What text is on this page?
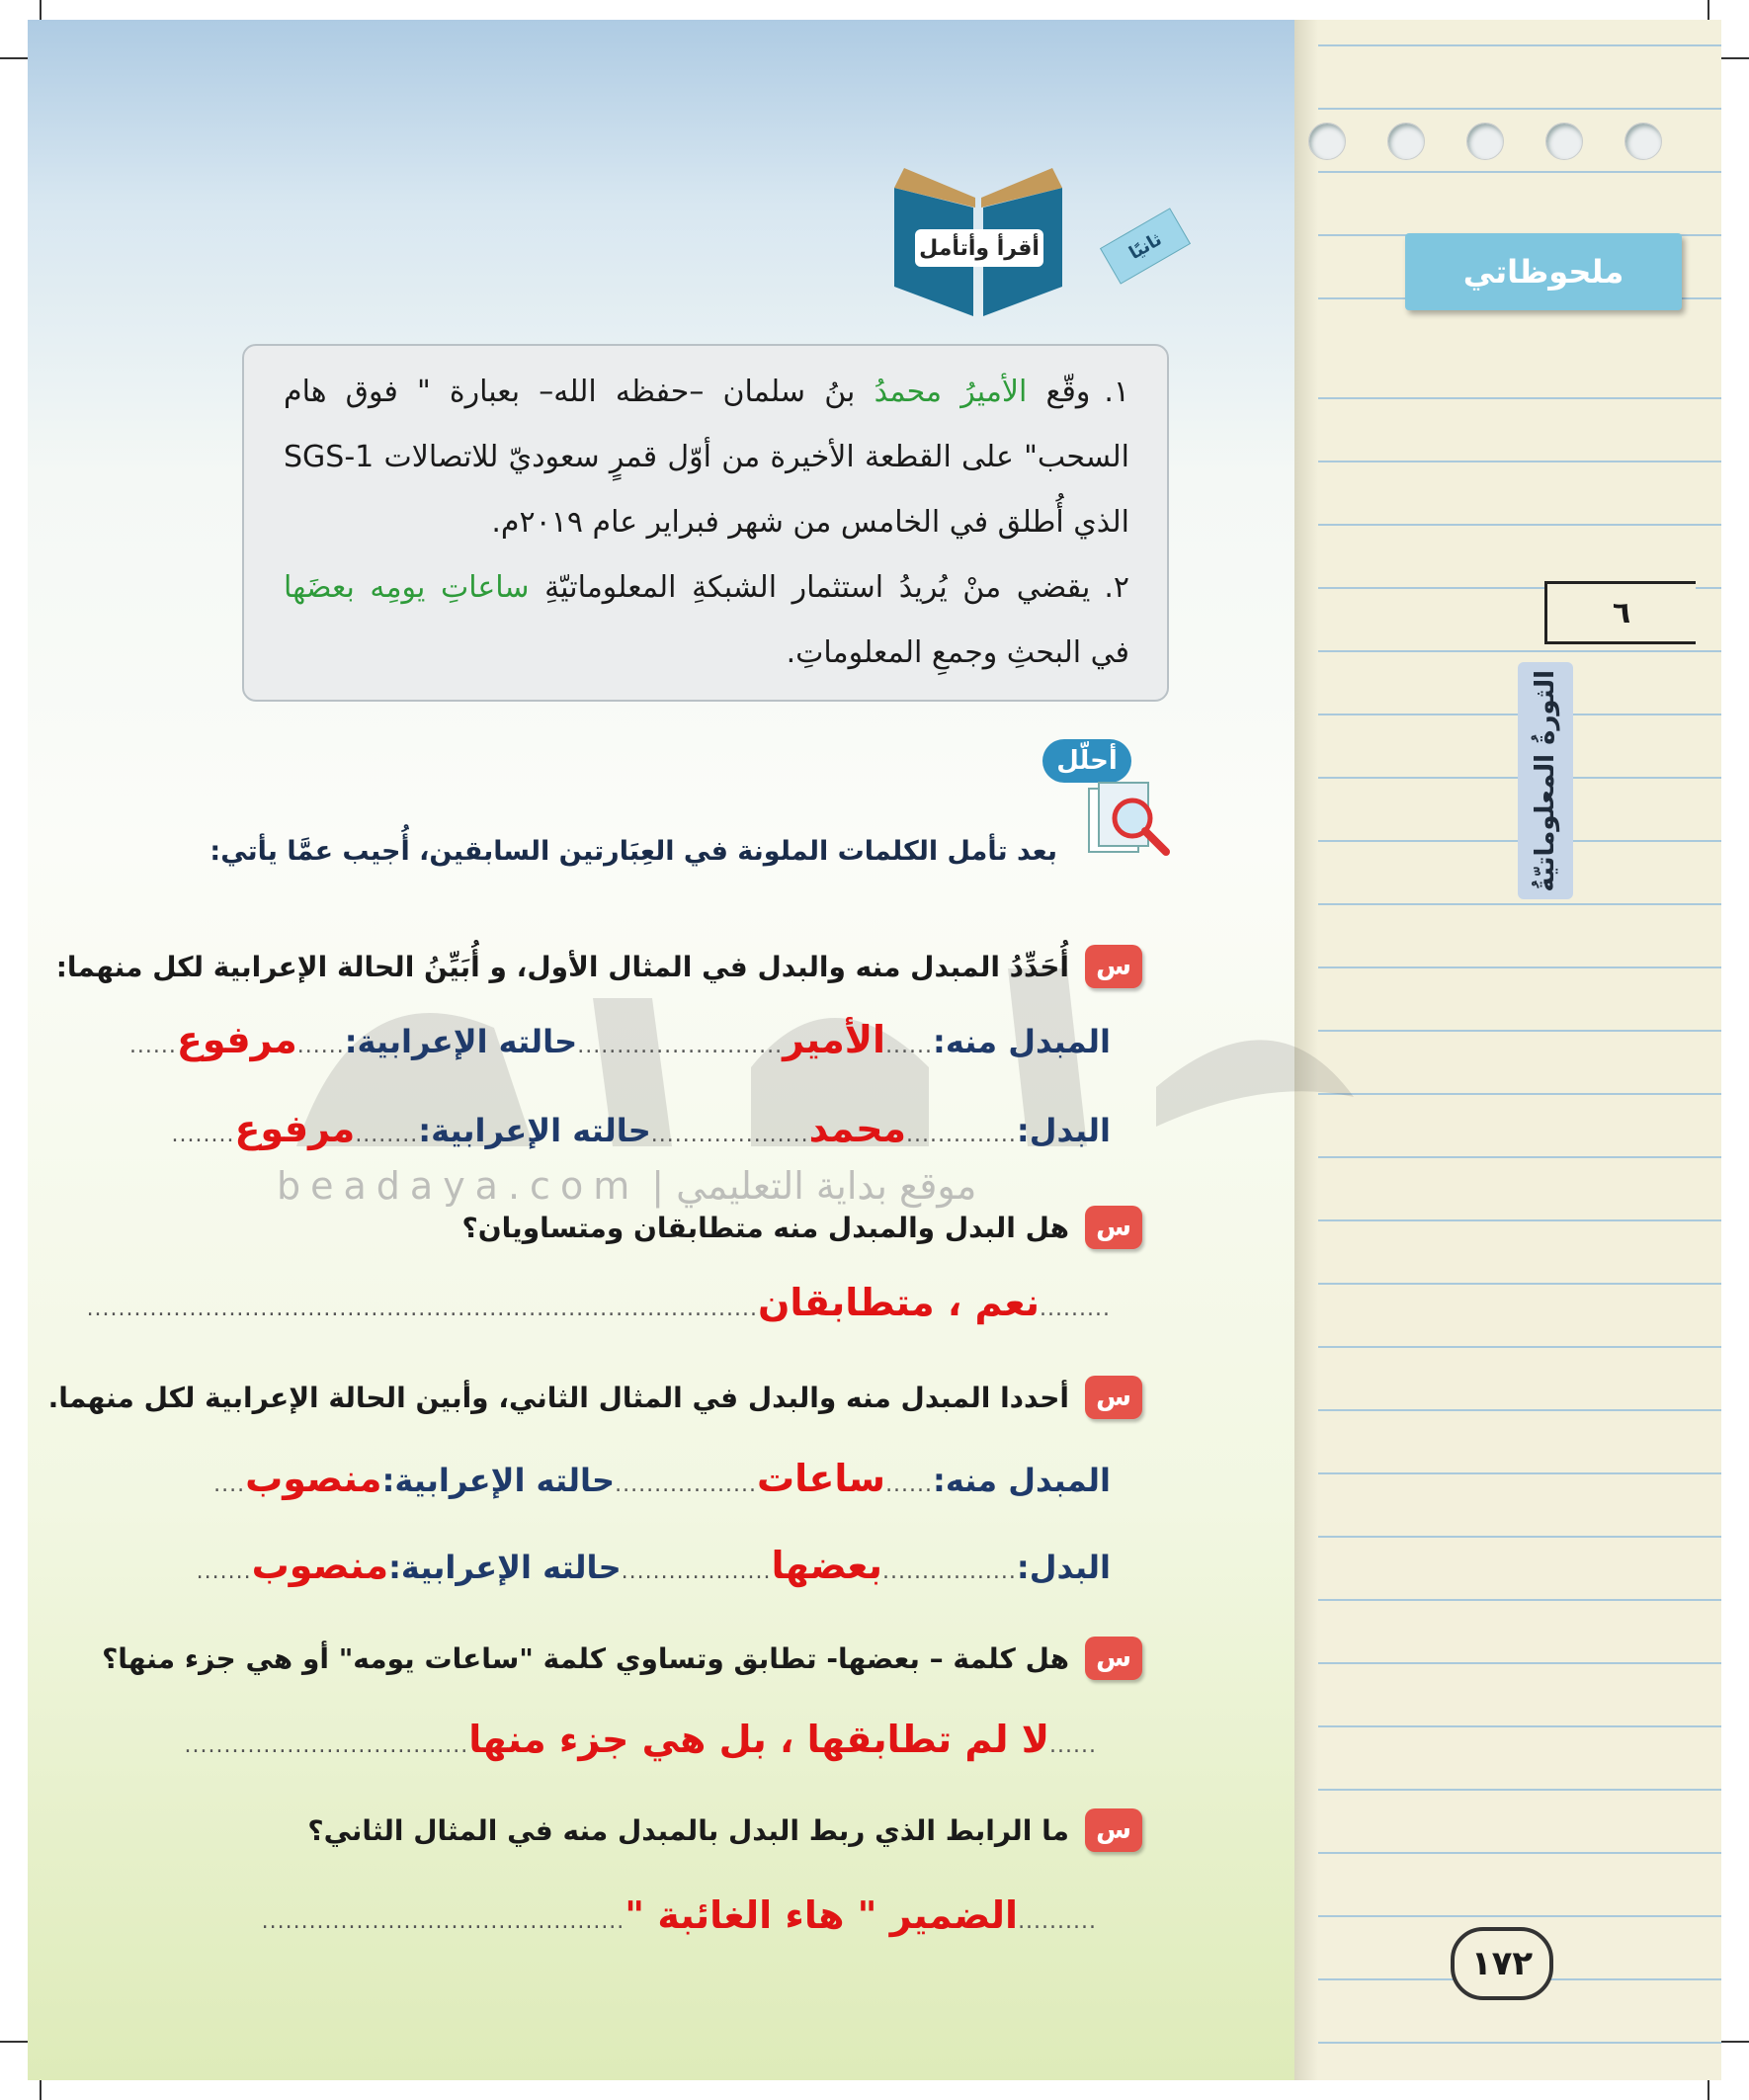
ملحوظاتي
٦
الثورةُ المعلوماتيّةُ
١٧٢
موقع بداية التعليمي | beadaya.com
أقرأ وأتأمل	ثانيًا

١.وقّع الأميرُ محمدُ بنُ سلمان –حفظه الله– بعبارة " فوق هام السحب" على القطعة الأخيرة من أوّل قمرٍ سعوديّ للاتصالات SGS-1 الذي أُطلق في الخامس من شهر فبراير عام ٢٠١٩م.

٢.يقضي منْ يُريدُ استثمار الشبكةِ المعلوماتيّةِ ساعاتِ يومِه بعضَها في البحثِ وجمعِ المعلوماتِ.

أحلّل
بعد تأمل الكلمات الملونة في العِبَارتين السابقين، أُجيب عمَّا يأتي:
س
أُحَدِّدُ المبدل منه والبدل في المثال الأول، و أُبَيِّنُ الحالة الإعرابية لكل منهما:
المبدل منه:
......
الأمير
..........................
حالته الإعرابية:
......
مرفوع
......
البدل:
..............
محمد
....................
حالته الإعرابية:
........
مرفوع
........
س
هل البدل والمبدل منه متطابقان ومتساويان؟
.........
نعم ، متطابقان
.....................................................................................
س
أحددا المبدل منه والبدل في المثال الثاني، وأبين الحالة الإعرابية لكل منهما.
المبدل منه:
......
ساعات
..................
حالته الإعرابية:
منصوب
....
البدل:
.................
بعضها
...................
حالته الإعرابية:
منصوب
.......
س
هل كلمة – بعضها- تطابق وتساوي كلمة "ساعات يومه" أو هي جزء منها؟
......
لا لم تطابقها ، بل هي جزء منها
....................................
س
ما الرابط الذي ربط البدل بالمبدل منه في المثال الثاني؟
..........
الضمير " هاء الغائبة "
..............................................
